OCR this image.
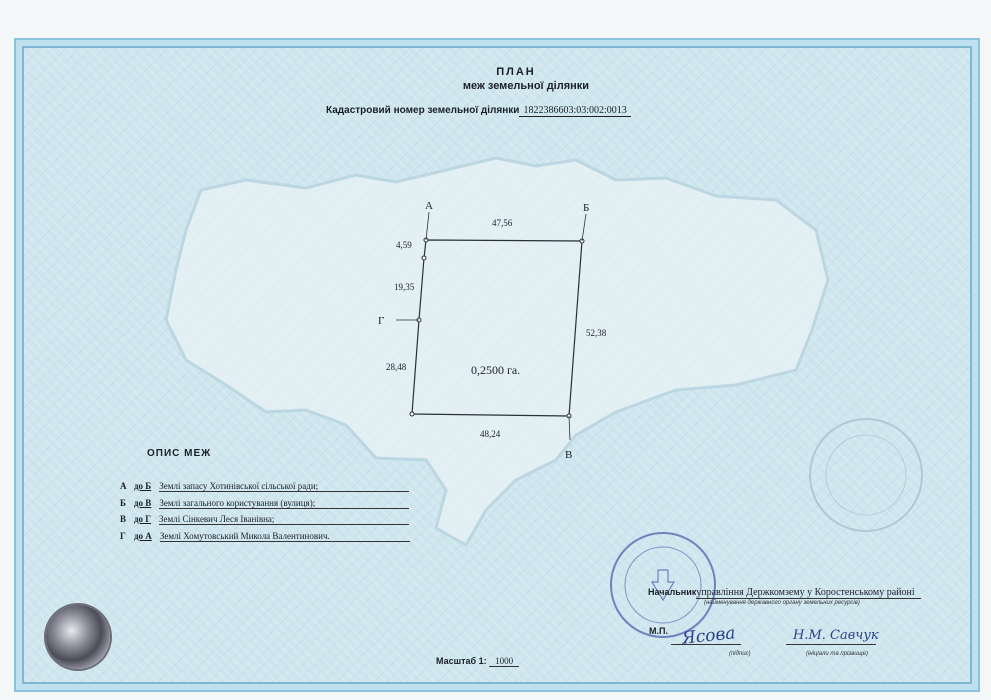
А	Б
В
Г
47,56
52,38
48,24
4,59
19,35
28,48	0,2500 га.
ПЛАН
меж земельної ділянки
Кадастровий номер земельної ділянки 1822386603:03:002:0013
ОПИС МЕЖ
А до Б Землі запасу Хотинівської сільської ради;
Б до В Землі загального користування (вулиця);
В до Г Землі Сінкевич Леся Іванівна;
Г до А Землі Хомутовський Микола Валентинович.
Начальникуправління Держкомзему у Коростенському районі
(найменування державного органу земельних ресурсів)
М.П. Ясова	Н.М. Савчук
(підпис)	(ініціали та прізвище)
Масштаб 1: 1000
